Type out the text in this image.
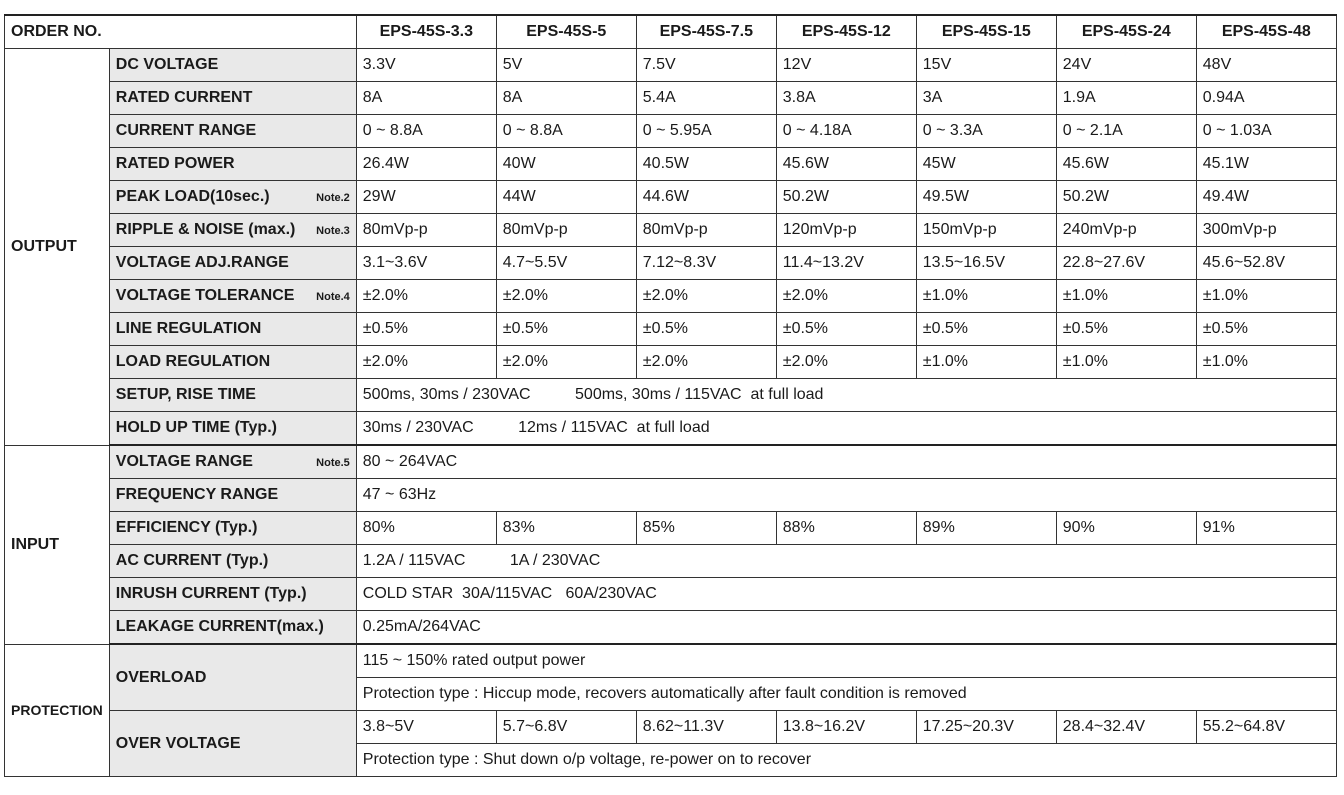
ORDER NO.		EPS-45S-3.3	EPS-45S-5	EPS-45S-7.5	EPS-45S-12	EPS-45S-15	EPS-45S-24	EPS-45S-48
OUTPUT	DC VOLTAGE	3.3V	5V	7.5V	12V	15V	24V	48V
	RATED CURRENT	8A	8A	5.4A	3.8A	3A	1.9A	0.94A
	CURRENT RANGE	0 ~ 8.8A	0 ~ 8.8A	0 ~ 5.95A	0 ~ 4.18A	0 ~ 3.3A	0 ~ 2.1A	0 ~ 1.03A
	RATED POWER	26.4W	40W	40.5W	45.6W	45W	45.6W	45.1W
	PEAK LOAD(10sec.) Note.2	29W	44W	44.6W	50.2W	49.5W	50.2W	49.4W
	RIPPLE & NOISE (max.) Note.3	80mVp-p	80mVp-p	80mVp-p	120mVp-p	150mVp-p	240mVp-p	300mVp-p
	VOLTAGE ADJ.RANGE	3.1~3.6V	4.7~5.5V	7.12~8.3V	11.4~13.2V	13.5~16.5V	22.8~27.6V	45.6~52.8V
	VOLTAGE TOLERANCE Note.4	±2.0%	±2.0%	±2.0%	±2.0%	±1.0%	±1.0%	±1.0%
	LINE REGULATION	±0.5%	±0.5%	±0.5%	±0.5%	±0.5%	±0.5%	±0.5%
	LOAD REGULATION	±2.0%	±2.0%	±2.0%	±2.0%	±1.0%	±1.0%	±1.0%
	SETUP, RISE TIME	500ms, 30ms / 230VAC          500ms, 30ms / 115VAC  at full load						
	HOLD UP TIME (Typ.)	30ms / 230VAC          12ms / 115VAC  at full load						
INPUT	VOLTAGE RANGE Note.5	80 ~ 264VAC						
	FREQUENCY RANGE	47 ~ 63Hz						
	EFFICIENCY (Typ.)	80%	83%	85%	88%	89%	90%	91%
	AC CURRENT (Typ.)	1.2A / 115VAC          1A / 230VAC						
	INRUSH CURRENT (Typ.)	COLD STAR  30A/115VAC   60A/230VAC						
	LEAKAGE CURRENT(max.)	0.25mA/264VAC						
PROTECTION	OVERLOAD	115 ~ 150% rated output power						
		Protection type : Hiccup mode, recovers automatically after fault condition is removed						
	OVER VOLTAGE	3.8~5V	5.7~6.8V	8.62~11.3V	13.8~16.2V	17.25~20.3V	28.4~32.4V	55.2~64.8V
		Protection type : Shut down o/p voltage, re-power on to recover						
